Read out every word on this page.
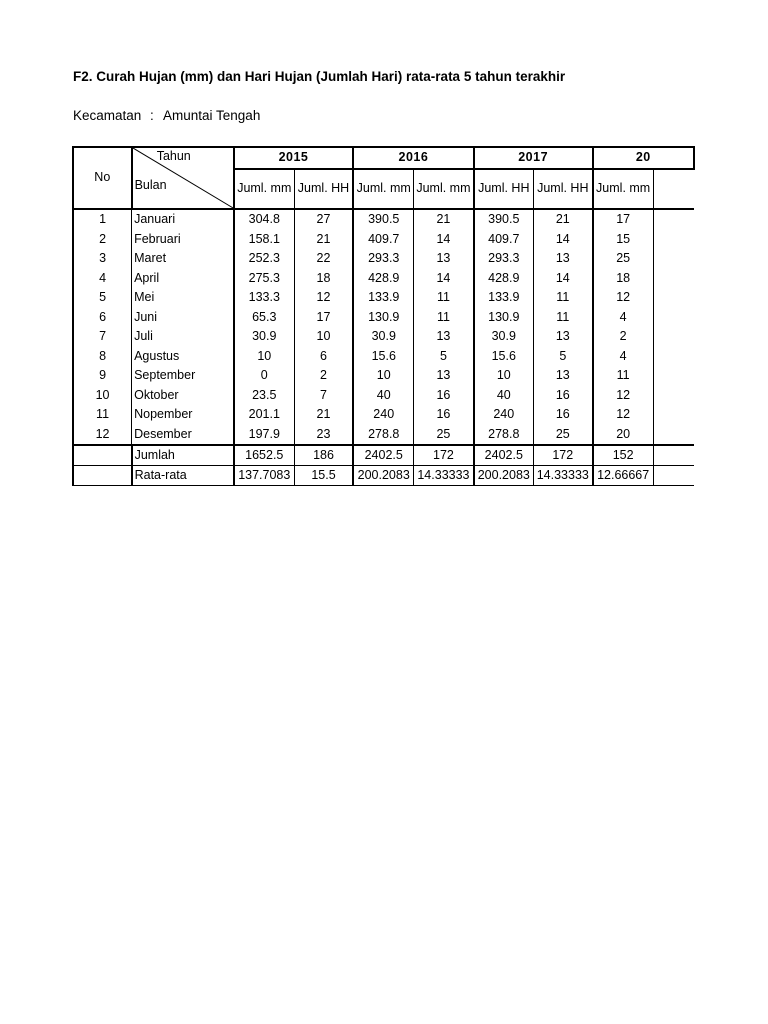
F2. Curah Hujan (mm) dan Hari Hujan (Jumlah Hari) rata-rata 5 tahun terakhir
Kecamatan : Amuntai Tengah
No	Tahun
Bulan	2015		2016		2017		20	
		Juml. mm	Juml. HH	Juml. mm	Juml. mm	Juml. HH	Juml. HH	Juml. mm	
1	Januari	304.8	27	390.5	21	390.5	21	17	
2	Februari	158.1	21	409.7	14	409.7	14	15	
3	Maret	252.3	22	293.3	13	293.3	13	25	
4	April	275.3	18	428.9	14	428.9	14	18	
5	Mei	133.3	12	133.9	11	133.9	11	12	
6	Juni	65.3	17	130.9	11	130.9	11	4	
7	Juli	30.9	10	30.9	13	30.9	13	2	
8	Agustus	10	6	15.6	5	15.6	5	4	
9	September	0	2	10	13	10	13	11	
10	Oktober	23.5	7	40	16	40	16	12	
11	Nopember	201.1	21	240	16	240	16	12	
12	Desember	197.9	23	278.8	25	278.8	25	20	
	Jumlah	1652.5	186	2402.5	172	2402.5	172	152	
	Rata-rata	137.7083	15.5	200.2083	14.33333	200.2083	14.33333	12.66667	
